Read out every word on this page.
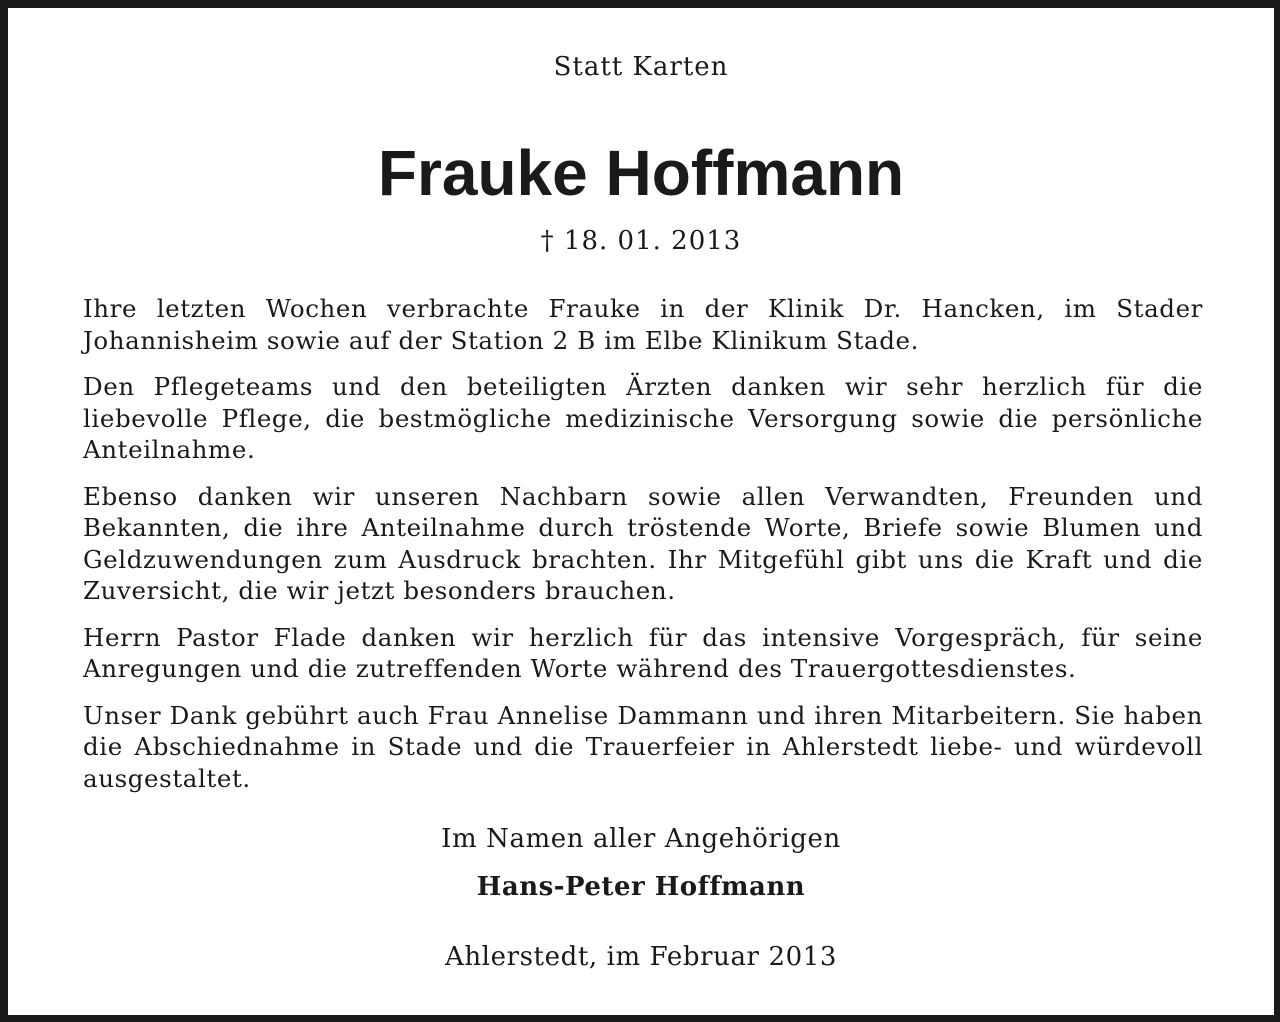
Statt Karten
Frauke Hoffmann
† 18. 01. 2013

Ihre letzten Wochen verbrachte Frauke in der Klinik Dr. Hancken, im Stader Johannisheim sowie auf der Station 2 B im Elbe Klinikum Stade.

Den Pflegeteams und den beteiligten Ärzten danken wir sehr herzlich für die liebevolle Pflege, die bestmögliche medizinische Versorgung sowie die persönliche Anteilnahme.

Ebenso danken wir unseren Nachbarn sowie allen Verwandten, Freunden und Bekannten, die ihre Anteilnahme durch tröstende Worte, Briefe sowie Blumen und Geldzuwendungen zum Ausdruck brachten. Ihr Mitgefühl gibt uns die Kraft und die Zuversicht, die wir jetzt besonders brauchen.

Herrn Pastor Flade danken wir herzlich für das intensive Vorgespräch, für seine Anregungen und die zutreffenden Worte während des Trauergottesdienstes.

Unser Dank gebührt auch Frau Annelise Dammann und ihren Mitarbeitern. Sie haben die Abschiednahme in Stade und die Trauerfeier in Ahlerstedt liebe- und würdevoll ausgestaltet.

Im Namen aller Angehörigen
Hans-Peter Hoffmann
Ahlerstedt, im Februar 2013
